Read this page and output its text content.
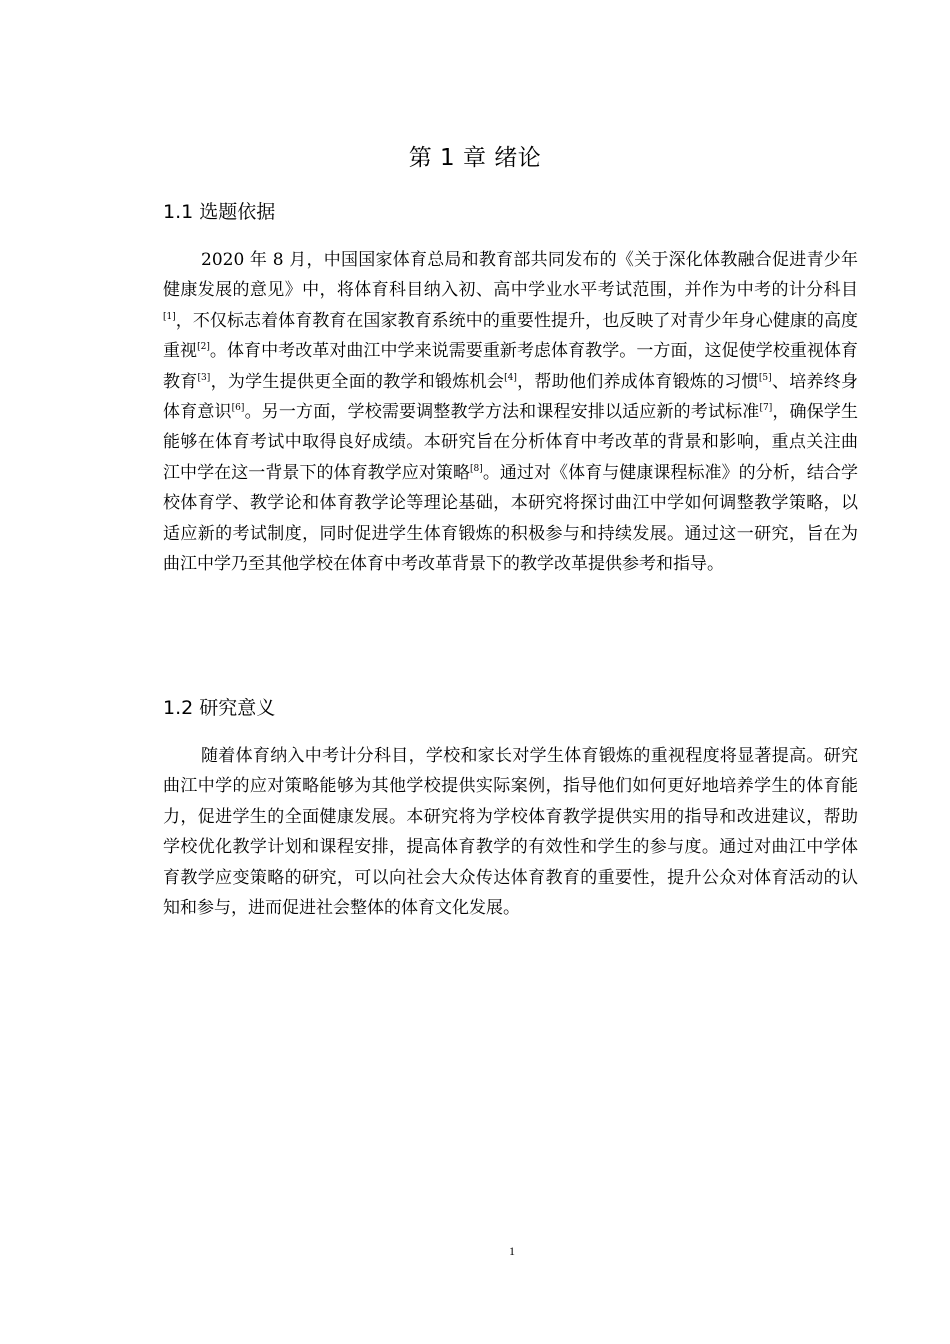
第 1 章 绪论
1.1 选题依据

2020 年 8 月，中国国家体育总局和教育部共同发布的《关于深化体教融合促进青少年健康发展的意见》中，将体育科目纳入初、高中学业水平考试范围，并作为中考的计分科目[1]，不仅标志着体育教育在国家教育系统中的重要性提升，也反映了对青少年身心健康的高度重视[2]。体育中考改革对曲江中学来说需要重新考虑体育教学。一方面，这促使学校重视体育教育[3]，为学生提供更全面的教学和锻炼机会[4]，帮助他们养成体育锻炼的习惯[5]、培养终身体育意识[6]。另一方面，学校需要调整教学方法和课程安排以适应新的考试标准[7]，确保学生能够在体育考试中取得良好成绩。本研究旨在分析体育中考改革的背景和影响，重点关注曲江中学在这一背景下的体育教学应对策略[8]。通过对《体育与健康课程标准》的分析，结合学校体育学、教学论和体育教学论等理论基础，本研究将探讨曲江中学如何调整教学策略，以适应新的考试制度，同时促进学生体育锻炼的积极参与和持续发展。通过这一研究，旨在为曲江中学乃至其他学校在体育中考改革背景下的教学改革提供参考和指导。

1.2 研究意义

随着体育纳入中考计分科目，学校和家长对学生体育锻炼的重视程度将显著提高。研究曲江中学的应对策略能够为其他学校提供实际案例，指导他们如何更好地培养学生的体育能力，促进学生的全面健康发展。本研究将为学校体育教学提供实用的指导和改进建议，帮助学校优化教学计划和课程安排，提高体育教学的有效性和学生的参与度。通过对曲江中学体育教学应变策略的研究，可以向社会大众传达体育教育的重要性，提升公众对体育活动的认知和参与，进而促进社会整体的体育文化发展。

1
